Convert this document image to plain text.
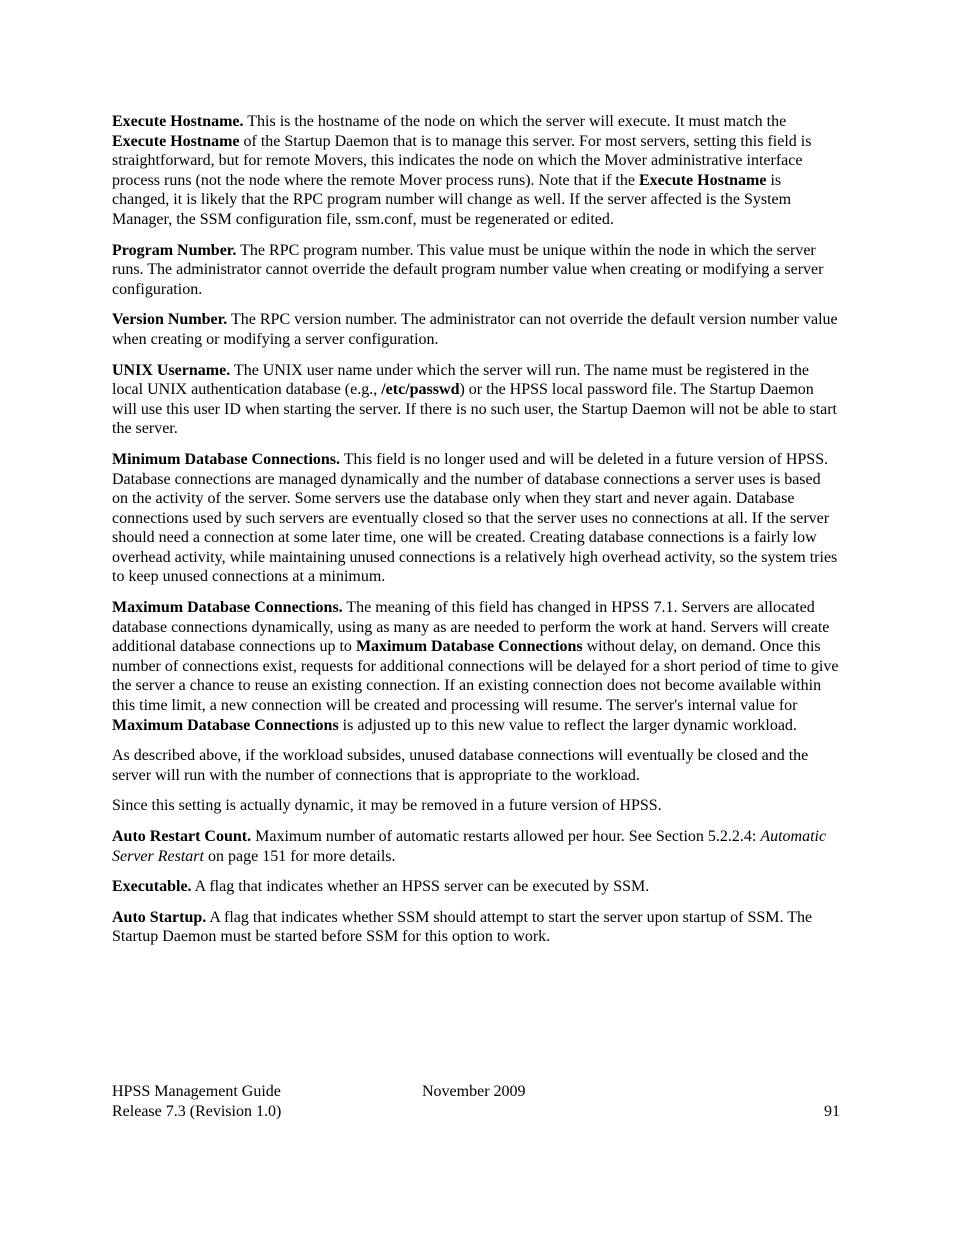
Execute Hostname. This is the hostname of the node on which the server will execute. It must match the Execute Hostname of the Startup Daemon that is to manage this server. For most servers, setting this field is straightforward, but for remote Movers, this indicates the node on which the Mover administrative interface process runs (not the node where the remote Mover process runs). Note that if the Execute Hostname is changed, it is likely that the RPC program number will change as well. If the server affected is the System Manager, the SSM configuration file, ssm.conf, must be regenerated or edited.

Program Number. The RPC program number. This value must be unique within the node in which the server runs. The administrator cannot override the default program number value when creating or modifying a server configuration.

Version Number. The RPC version number. The administrator can not override the default version number value when creating or modifying a server configuration.

UNIX Username. The UNIX user name under which the server will run. The name must be registered in the local UNIX authentication database (e.g., /etc/passwd) or the HPSS local password file. The Startup Daemon will use this user ID when starting the server. If there is no such user, the Startup Daemon will not be able to start the server.

Minimum Database Connections. This field is no longer used and will be deleted in a future version of HPSS. Database connections are managed dynamically and the number of database connections a server uses is based on the activity of the server. Some servers use the database only when they start and never again. Database connections used by such servers are eventually closed so that the server uses no connections at all. If the server should need a connection at some later time, one will be created. Creating database connections is a fairly low overhead activity, while maintaining unused connections is a relatively high overhead activity, so the system tries to keep unused connections at a minimum.

Maximum Database Connections. The meaning of this field has changed in HPSS 7.1. Servers are allocated database connections dynamically, using as many as are needed to perform the work at hand. Servers will create additional database connections up to Maximum Database Connections without delay, on demand. Once this number of connections exist, requests for additional connections will be delayed for a short period of time to give the server a chance to reuse an existing connection. If an existing connection does not become available within this time limit, a new connection will be created and processing will resume. The server's internal value for Maximum Database Connections is adjusted up to this new value to reflect the larger dynamic workload.

As described above, if the workload subsides, unused database connections will eventually be closed and the server will run with the number of connections that is appropriate to the workload.

Since this setting is actually dynamic, it may be removed in a future version of HPSS.

Auto Restart Count. Maximum number of automatic restarts allowed per hour. See Section 5.2.2.4: Automatic Server Restart on page 151 for more details.

Executable. A flag that indicates whether an HPSS server can be executed by SSM.

Auto Startup. A flag that indicates whether SSM should attempt to start the server upon startup of SSM. The Startup Daemon must be started before SSM for this option to work.

HPSS Management Guide	November 2009
Release 7.3 (Revision 1.0)	91
